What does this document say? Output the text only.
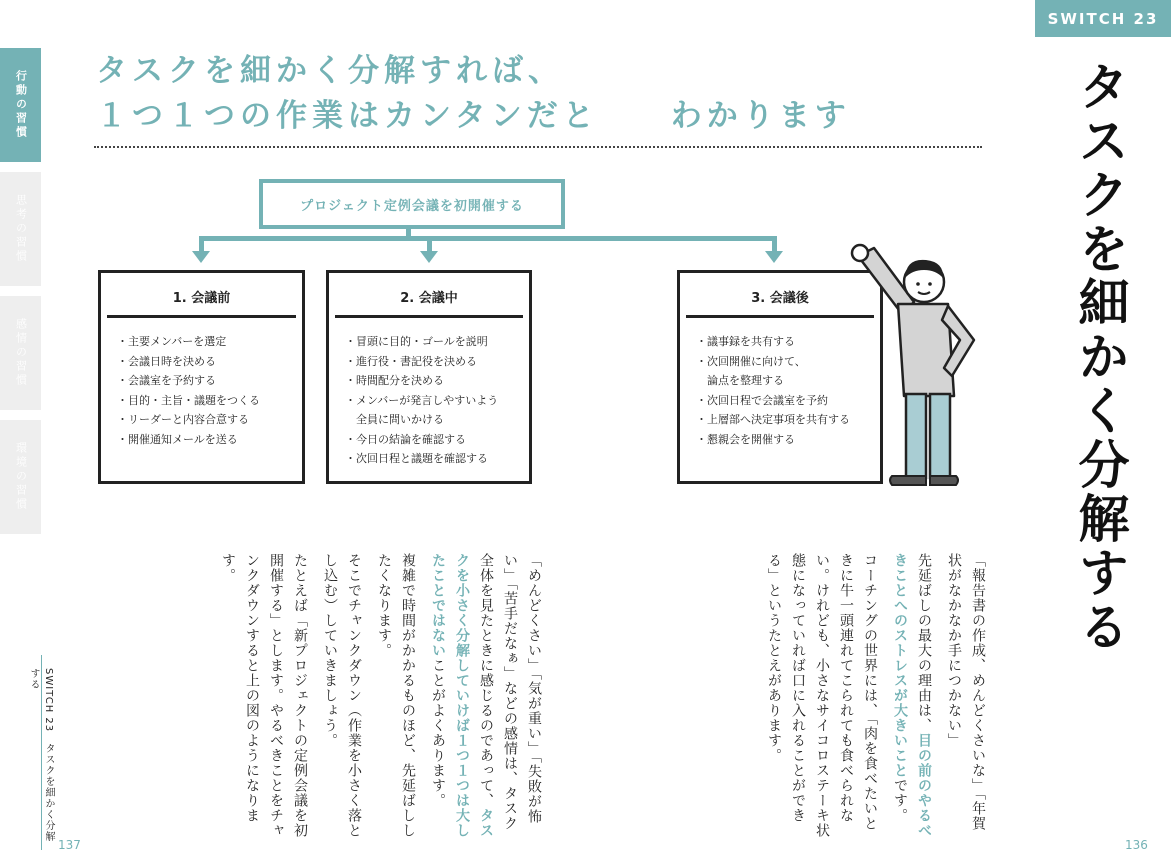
行動の習慣
思考の習慣
感情の習慣
環境の習慣
タスクを細かく分解すれば、
１つ１つの作業はカンタンだと　　わかります
プロジェクト定例会議を初開催する
1. 会議前
・主要メンバーを選定
・会議日時を決める
・会議室を予約する
・目的・主旨・議題をつくる
・リーダーと内容合意する
・開催通知メールを送る
2. 会議中
・冒頭に目的・ゴールを説明
・進行役・書記役を決める
・時間配分を決める
・メンバーが発言しやすいよう
　全員に問いかける
・今日の結論を確認する
・次回日程と議題を確認する
3. 会議後
・議事録を共有する
・次回開催に向けて、
　論点を整理する
・次回日程で会議室を予約
・上層部へ決定事項を共有する
・懇親会を開催する
SWITCH 23
タスクを細かく分解する
「報告書の作成、めんどくさいな」「年賀状がなかなか手につかない」
先延ばしの最大の理由は、目の前のやるべきことへのストレスが大きいことです。
コーチングの世界には、「肉を食べたいときに牛一頭連れてこられても食べられない。けれども、小さなサイコロステーキ状態になっていれば口に入れることができる」というたとえがあります。
136
「めんどくさい」「気が重い」「失敗が怖い」「苦手だなぁ」などの感情は、タスク全体を見たときに感じるのであって、タスクを小さく分解していけば１つ１つは大したことではないことがよくあります。
複雑で時間がかかるものほど、先延ばししたくなります。
そこでチャンクダウン（作業を小さく落とし込む）していきましょう。
たとえば「新プロジェクトの定例会議を初開催する」とします。やるべきことをチャンクダウンすると上の図のようになります。
SWITCH 23　タスクを細かく分解する
137
